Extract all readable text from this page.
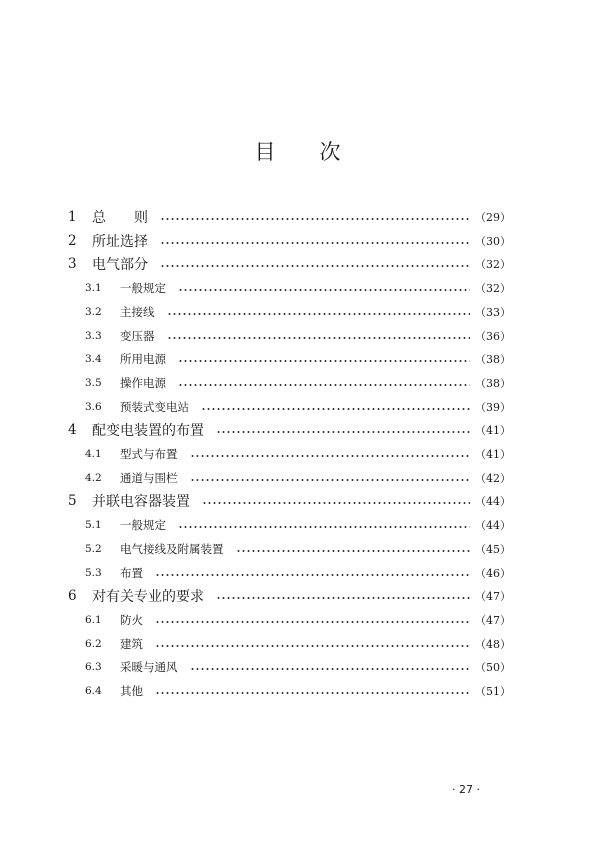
目次
1 总　　则	（29）
2 所址选择	（30）
3 电气部分	（32）
3.1 一般规定	（32）
3.2 主接线	（33）
3.3 变压器	（36）
3.4 所用电源	（38）
3.5 操作电源	（38）
3.6 预装式变电站	（39）
4 配变电装置的布置	（41）
4.1 型式与布置	（41）
4.2 通道与围栏	（42）
5 并联电容器装置	（44）
5.1 一般规定	（44）
5.2 电气接线及附属装置	（45）
5.3 布置	（46）
6 对有关专业的要求	（47）
6.1 防火	（47）
6.2 建筑	（48）
6.3 采暖与通风	（50）
6.4 其他	（51）
· 27 ·
